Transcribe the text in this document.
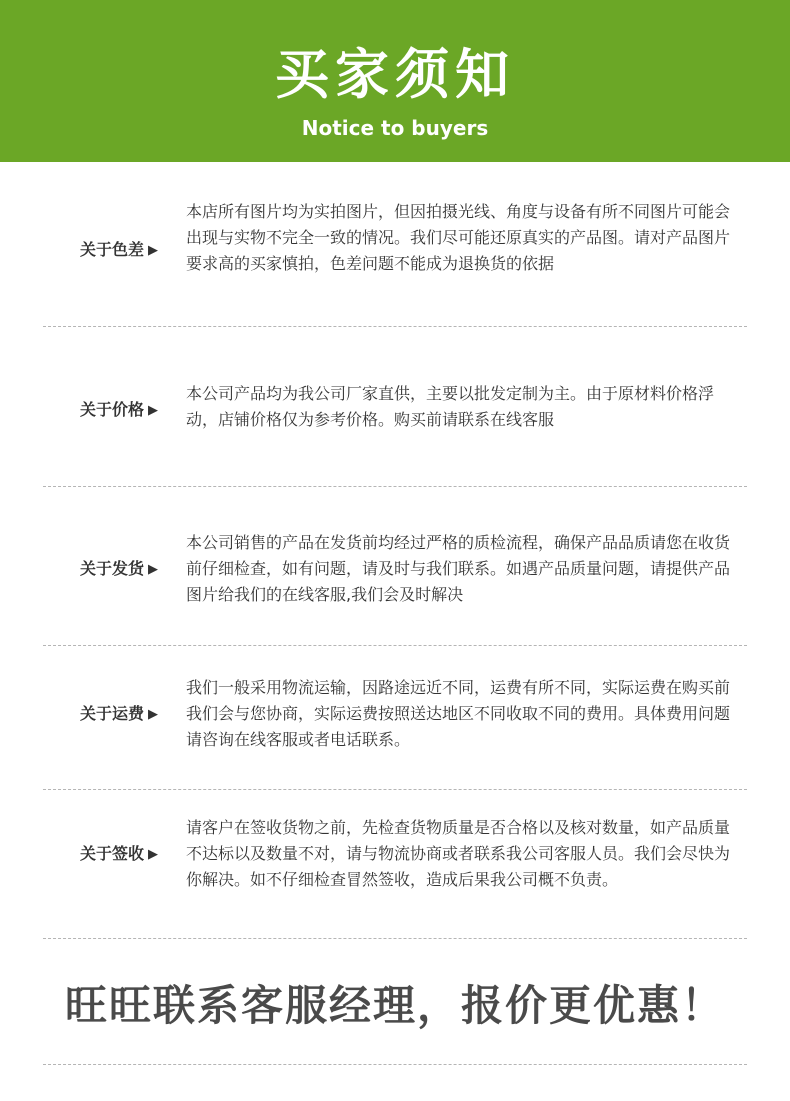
买家须知
Notice to buyers
关于色差 ▶
本店所有图片均为实拍图片，但因拍摄光线、角度与设备有所不同图片可能会出现与实物不完全一致的情况。我们尽可能还原真实的产品图。请对产品图片要求高的买家慎拍，色差问题不能成为退换货的依据
关于价格 ▶
本公司产品均为我公司厂家直供，主要以批发定制为主。由于原材料价格浮动，店铺价格仅为参考价格。购买前请联系在线客服
关于发货 ▶
本公司销售的产品在发货前均经过严格的质检流程，确保产品品质请您在收货前仔细检查，如有问题，请及时与我们联系。如遇产品质量问题，请提供产品图片给我们的在线客服,我们会及时解决
关于运费 ▶
我们一般采用物流运输，因路途远近不同，运费有所不同，实际运费在购买前我们会与您协商，实际运费按照送达地区不同收取不同的费用。具体费用问题请咨询在线客服或者电话联系。
关于签收 ▶
请客户在签收货物之前，先检查货物质量是否合格以及核对数量，如产品质量不达标以及数量不对，请与物流协商或者联系我公司客服人员。我们会尽快为你解决。如不仔细检查冒然签收，造成后果我公司概不负责。
旺旺联系客服经理，报价更优惠！
